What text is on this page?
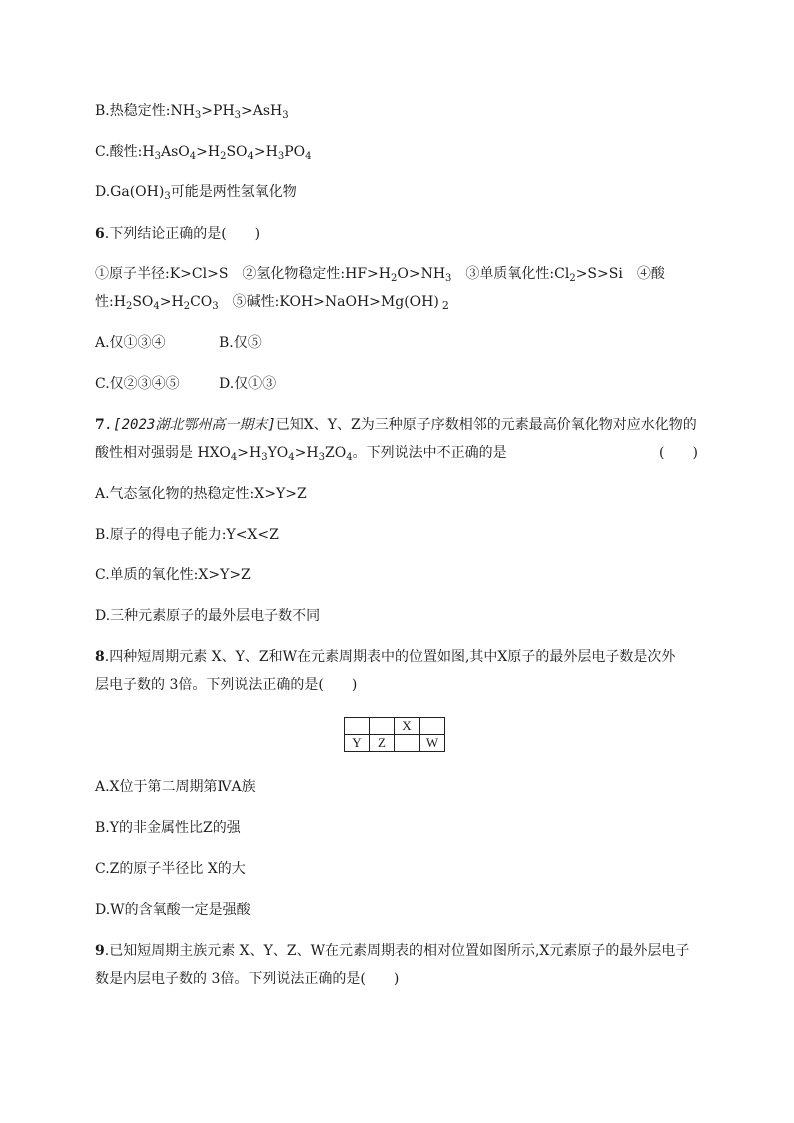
B.热稳定性$:NH_3>PH_3>AsH_3$
C.酸性$:H_3AsO_4>H_2SO_4>H_3PO_4$
$D.Ga(OH)_3$可能是两性氢氧化物
6.下列结论正确的是(　　)
①原子半径:K>Cl>S　②氢化物稳定性$:HF>H_2O>NH_3$　③单质氧化性$:Cl_2>S>Si$　④酸
性$:H_2SO_4>H_2CO_3$　⑤碱性:KOH>NaOH>Mg(OH) $_2$
A.仅①③④	B.仅⑤
C.仅②③④⑤	D.仅①③
7.[2023湖北鄂州高一期末]已知X、Y、Z为三种原子序数相邻的元素最高价氧化物对应水化物的
酸性相对强弱是 $HXO_4>H_3YO_4>H_3ZO_4$。下列说法中不正确的是	(　　)
A.气态氢化物的热稳定性:X>Y>Z
B.原子的得电子能力:Y<X<Z
C.单质的氧化性:X>Y>Z
D.三种元素原子的最外层电子数不同
8.四种短周期元素 X、Y、Z和W在元素周期表中的位置如图,其中X原子的最外层电子数是次外
层电子数的 3倍。下列说法正确的是(　　)
		X	
Y	Z		W
A.X位于第二周期第ⅣA族
B.Y的非金属性比Z的强
C.Z的原子半径比 X的大
D.W的含氧酸一定是强酸
9.已知短周期主族元素 X、Y、Z、W在元素周期表的相对位置如图所示,X元素原子的最外层电子
数是内层电子数的 3倍。下列说法正确的是(　　)
